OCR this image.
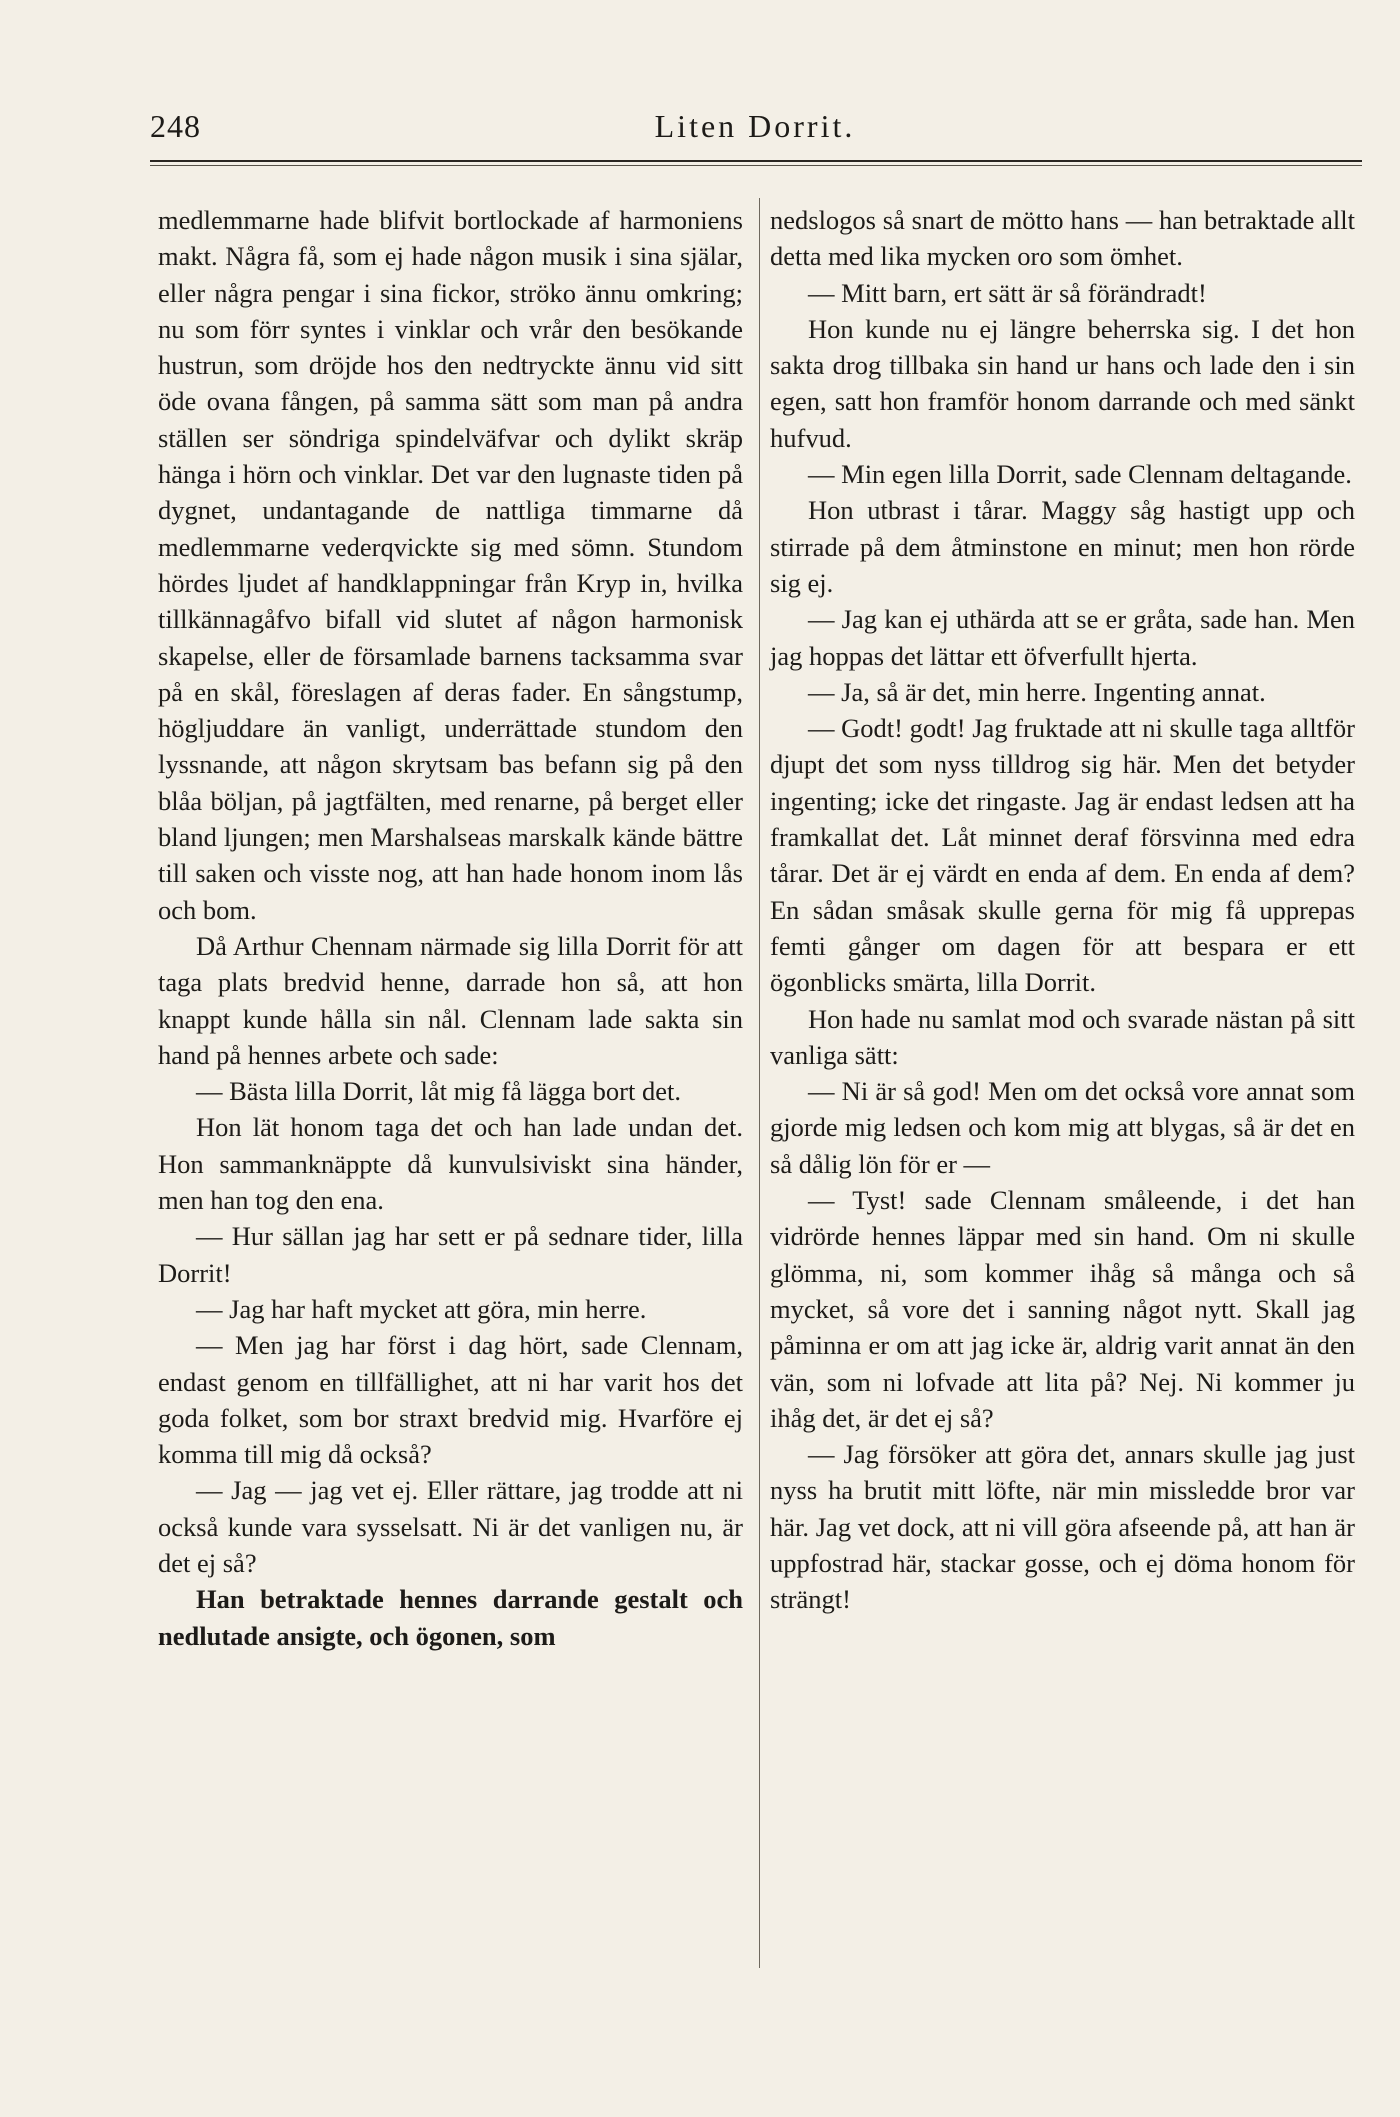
248	Liten Dorrit.

medlemmarne hade blifvit bortlockade af harmoniens makt. Några få, som ej hade någon musik i sina själar, eller några pengar i sina fickor, ströko ännu omkring; nu som förr syntes i vinklar och vrår den besökande hustrun, som dröjde hos den nedtryckte ännu vid sitt öde ovana fången, på samma sätt som man på andra ställen ser söndriga spindelväfvar och dylikt skräp hänga i hörn och vinklar. Det var den lugnaste tiden på dygnet, undantagande de nattliga timmarne då medlemmarne vederqvickte sig med sömn. Stundom hördes ljudet af handklappningar från Kryp in, hvilka tillkännagåfvo bifall vid slutet af någon harmonisk skapelse, eller de församlade barnens tacksamma svar på en skål, föreslagen af deras fader. En sångstump, högljuddare än vanligt, underrättade stundom den lyssnande, att någon skrytsam bas befann sig på den blåa böljan, på jagtfälten, med renarne, på berget eller bland ljungen; men Marshalseas marskalk kände bättre till saken och visste nog, att han hade honom inom lås och bom.

Då Arthur Chennam närmade sig lilla Dorrit för att taga plats bredvid henne, darrade hon så, att hon knappt kunde hålla sin nål. Clennam lade sakta sin hand på hennes arbete och sade:

— Bästa lilla Dorrit, låt mig få lägga bort det.

Hon lät honom taga det och han lade undan det. Hon sammanknäppte då kunvulsiviskt sina händer, men han tog den ena.

— Hur sällan jag har sett er på sednare tider, lilla Dorrit!

— Jag har haft mycket att göra, min herre.

— Men jag har först i dag hört, sade Clennam, endast genom en tillfällighet, att ni har varit hos det goda folket, som bor straxt bredvid mig. Hvarföre ej komma till mig då också?

— Jag — jag vet ej. Eller rättare, jag trodde att ni också kunde vara sysselsatt. Ni är det vanligen nu, är det ej så?

Han betraktade hennes darrande gestalt och nedlutade ansigte, och ögonen, som

nedslogos så snart de mötto hans — han betraktade allt detta med lika mycken oro som ömhet.

— Mitt barn, ert sätt är så förändradt!

Hon kunde nu ej längre beherrska sig. I det hon sakta drog tillbaka sin hand ur hans och lade den i sin egen, satt hon framför honom darrande och med sänkt hufvud.

— Min egen lilla Dorrit, sade Clennam deltagande.

Hon utbrast i tårar. Maggy såg hastigt upp och stirrade på dem åtminstone en minut; men hon rörde sig ej.

— Jag kan ej uthärda att se er gråta, sade han. Men jag hoppas det lättar ett öfverfullt hjerta.

— Ja, så är det, min herre. Ingenting annat.

— Godt! godt! Jag fruktade att ni skulle taga alltför djupt det som nyss tilldrog sig här. Men det betyder ingenting; icke det ringaste. Jag är endast ledsen att ha framkallat det. Låt minnet deraf försvinna med edra tårar. Det är ej värdt en enda af dem. En enda af dem? En sådan småsak skulle gerna för mig få upprepas femti gånger om dagen för att bespara er ett ögonblicks smärta, lilla Dorrit.

Hon hade nu samlat mod och svarade nästan på sitt vanliga sätt:

— Ni är så god! Men om det också vore annat som gjorde mig ledsen och kom mig att blygas, så är det en så dålig lön för er —

— Tyst! sade Clennam småleende, i det han vidrörde hennes läppar med sin hand. Om ni skulle glömma, ni, som kommer ihåg så många och så mycket, så vore det i sanning något nytt. Skall jag påminna er om att jag icke är, aldrig varit annat än den vän, som ni lofvade att lita på? Nej. Ni kommer ju ihåg det, är det ej så?

— Jag försöker att göra det, annars skulle jag just nyss ha brutit mitt löfte, när min missledde bror var här. Jag vet dock, att ni vill göra afseende på, att han är uppfostrad här, stackar gosse, och ej döma honom för strängt!
